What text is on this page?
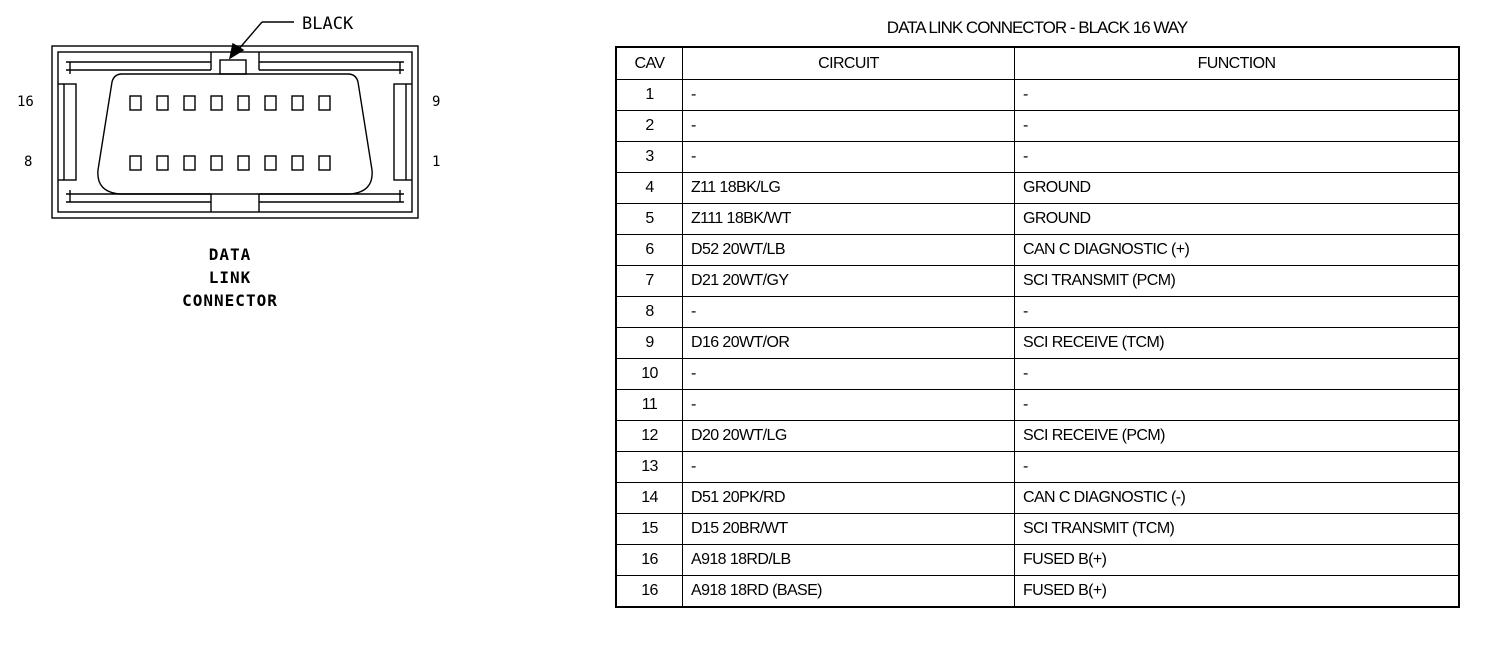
BLACK
16
8
9
1
DATA
LINK
CONNECTOR
DATA LINK CONNECTOR - BLACK 16 WAY
CAV	CIRCUIT	FUNCTION
1	-	-
2	-	-
3	-	-
4	Z11 18BK/LG	GROUND
5	Z111 18BK/WT	GROUND
6	D52 20WT/LB	CAN C DIAGNOSTIC (+)
7	D21 20WT/GY	SCI TRANSMIT (PCM)
8	-	-
9	D16 20WT/OR	SCI RECEIVE (TCM)
10	-	-
11	-	-
12	D20 20WT/LG	SCI RECEIVE (PCM)
13	-	-
14	D51 20PK/RD	CAN C DIAGNOSTIC (-)
15	D15 20BR/WT	SCI TRANSMIT (TCM)
16	A918 18RD/LB	FUSED B(+)
16	A918 18RD (BASE)	FUSED B(+)
